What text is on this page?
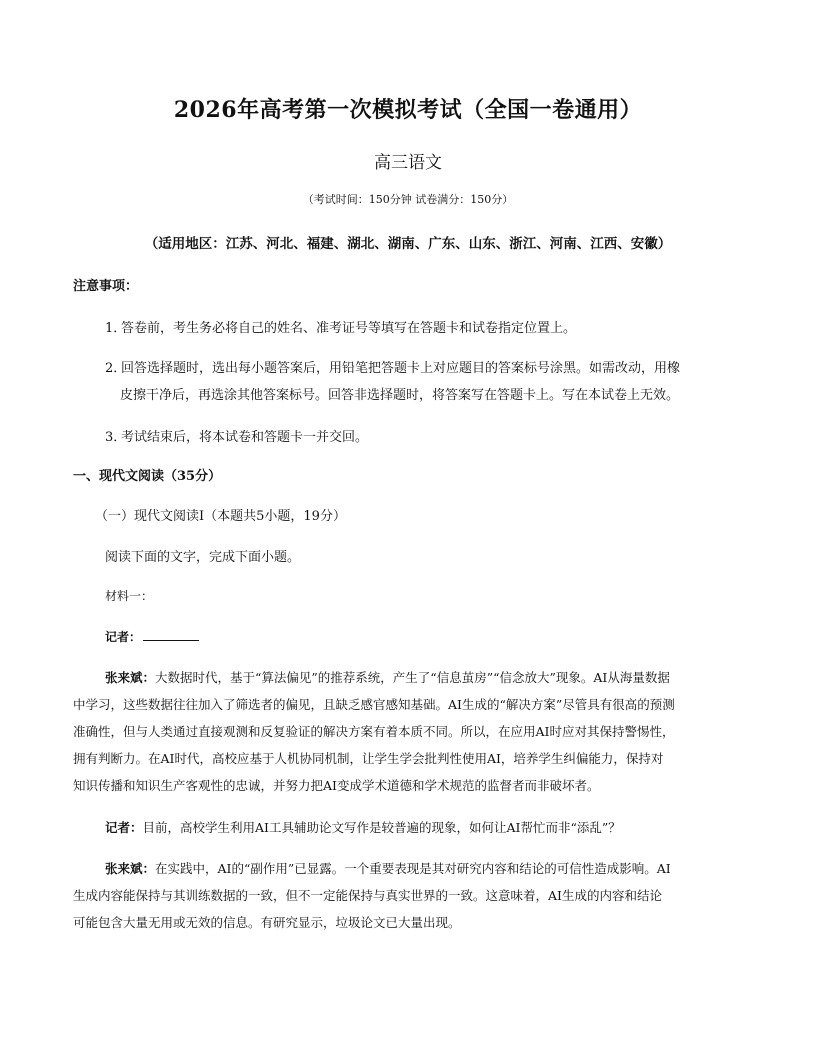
2026年高考第一次模拟考试（全国一卷通用）
高三语文
（考试时间：150分钟 试卷满分：150分）
（适用地区：江苏、河北、福建、湖北、湖南、广东、山东、浙江、河南、江西、安徽）
注意事项：
1．答卷前，考生务必将自己的姓名、准考证号等填写在答题卡和试卷指定位置上。
2．回答选择题时，选出每小题答案后，用铅笔把答题卡上对应题目的答案标号涂黑。如需改动，用橡
皮擦干净后，再选涂其他答案标号。回答非选择题时，将答案写在答题卡上。写在本试卷上无效。
3．考试结束后，将本试卷和答题卡一并交回。
一、现代文阅读（35分）
（一）现代文阅读Ⅰ（本题共5小题，19分）
阅读下面的文字，完成下面小题。
材料一：
记者：
张来斌：大数据时代，基于“算法偏见”的推荐系统，产生了“信息茧房”“信念放大”现象。AI从海量数据
中学习，这些数据往往加入了筛选者的偏见，且缺乏感官感知基础。AI生成的“解决方案”尽管具有很高的预测
准确性，但与人类通过直接观测和反复验证的解决方案有着本质不同。所以，在应用AI时应对其保持警惕性，
拥有判断力。在AI时代，高校应基于人机协同机制，让学生学会批判性使用AI，培养学生纠偏能力，保持对
知识传播和知识生产客观性的忠诚，并努力把AI变成学术道德和学术规范的监督者而非破坏者。
记者：目前，高校学生利用AI工具辅助论文写作是较普遍的现象，如何让AI帮忙而非“添乱”？
张来斌：在实践中，AI的“副作用”已显露。一个重要表现是其对研究内容和结论的可信性造成影响。AI
生成内容能保持与其训练数据的一致，但不一定能保持与真实世界的一致。这意味着，AI生成的内容和结论
可能包含大量无用或无效的信息。有研究显示，垃圾论文已大量出现。
